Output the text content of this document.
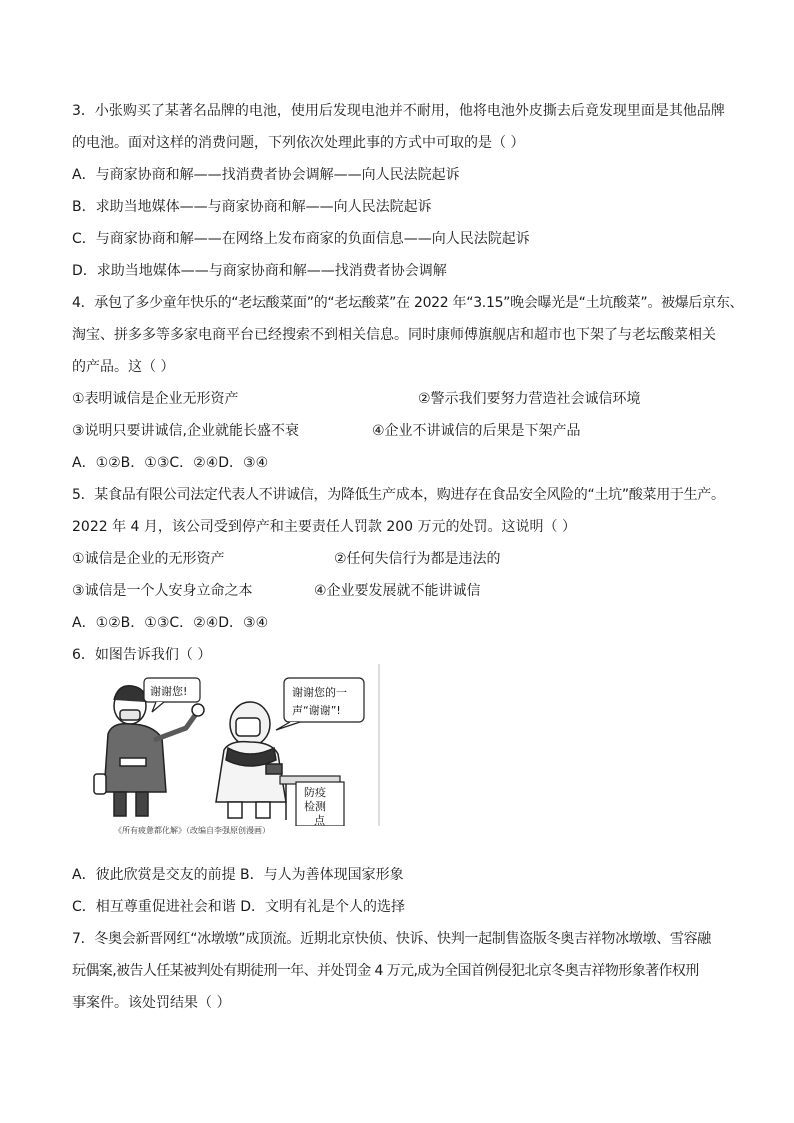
3．小张购买了某著名品牌的电池，使用后发现电池并不耐用，他将电池外皮撕去后竟发现里面是其他品牌
的电池。面对这样的消费问题，下列依次处理此事的方式中可取的是（ ）
A．与商家协商和解——找消费者协会调解——向人民法院起诉
B．求助当地媒体——与商家协商和解——向人民法院起诉
C．与商家协商和解——在网络上发布商家的负面信息——向人民法院起诉
D．求助当地媒体——与商家协商和解——找消费者协会调解
4．承包了多少童年快乐的“老坛酸菜面”的“老坛酸菜”在 2022 年“3.15”晚会曝光是“土坑酸菜”。被爆后京东、
淘宝、拼多多等多家电商平台已经搜索不到相关信息。同时康师傅旗舰店和超市也下架了与老坛酸菜相关
的产品。这（ ）
①表明诚信是企业无形资产	②警示我们要努力营造社会诚信环境
③说明只要讲诚信,企业就能长盛不衰	④企业不讲诚信的后果是下架产品
A．①②B．①③C．②④D．③④
5．某食品有限公司法定代表人不讲诚信，为降低生产成本，购进存在食品安全风险的“土坑”酸菜用于生产。
2022 年 4 月，该公司受到停产和主要责任人罚款 200 万元的处罚。这说明（ ）
①诚信是企业的无形资产	②任何失信行为都是违法的
③诚信是一个人安身立命之本	④企业要发展就不能讲诚信
A．①②B．①③C．②④D．③④
6．如图告诉我们（ ）
谢谢您!	谢谢您的一
声“谢谢”!
防疫
检测
点
《所有疲惫都化解》（改编自李强原创漫画）
A．彼此欣赏是交友的前提 B．与人为善体现国家形象
C．相互尊重促进社会和谐 D．文明有礼是个人的选择
7．冬奥会新晋网红“冰墩墩”成顶流。近期北京快侦、快诉、快判一起制售盗版冬奥吉祥物冰墩墩、雪容融
玩偶案,被告人任某被判处有期徒刑一年、并处罚金 4 万元,成为全国首例侵犯北京冬奥吉祥物形象著作权刑
事案件。该处罚结果（ ）
